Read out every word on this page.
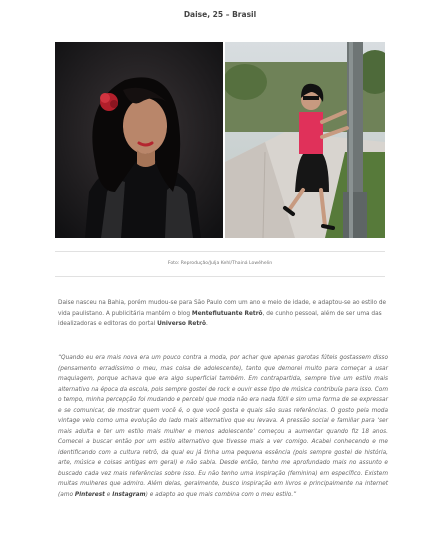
Daise, 25 – Brasil
Foto: Reprodução/Julja Kehl/Thainá Lowéhelin
Daise nasceu na Bahia, porém mudou-se para São Paulo com um ano e meio de idade, e adaptou-se ao estilo de
vida paulistano. A publicitária mantém o blog Menteflutuante Retrô, de cunho pessoal, além de ser uma das
idealizadoras e editoras do portal Universo Retrô.
“Quando eu era mais nova era um pouco contra a moda, por achar que apenas garotas fúteis gostassem disso (pensamento erradíssimo o meu, mas coisa de adolescente), tanto que demorei muito para começar a usar maquiagem, porque achava que era algo superficial também. Em contrapartida, sempre tive um estilo mais alternativo na época da escola, pois sempre gostei de rock e ouvir esse tipo de música contribuía para isso. Com o tempo, minha percepção foi mudando e percebi que moda não era nada fútil e sim uma forma de se expressar e se comunicar, de mostrar quem você é, o que você gosta e quais são suas referências. O gosto pela moda vintage veio como uma evolução do lado mais alternativo que eu levava. A pressão social e familiar para ‘ser mais adulta e ter um estilo mais mulher e menos adolescente’ começou a aumentar quando fiz 18 anos. Comecei a buscar então por um estilo alternativo que tivesse mais a ver comigo. Acabei conhecendo e me identificando com a cultura retrô, da qual eu já tinha uma pequena essência (pois sempre gostei de história, arte, música e coisas antigas em geral) e não sabia. Desde então, tenho me aprofundado mais no assunto e buscado cada vez mais referências sobre isso. Eu não tenho uma inspiração (feminina) em específico. Existem muitas mulheres que admiro. Além delas, geralmente, busco inspiração em livros e principalmente na internet (amo Pinterest e Instagram) e adapto ao que mais combina com o meu estilo.”
